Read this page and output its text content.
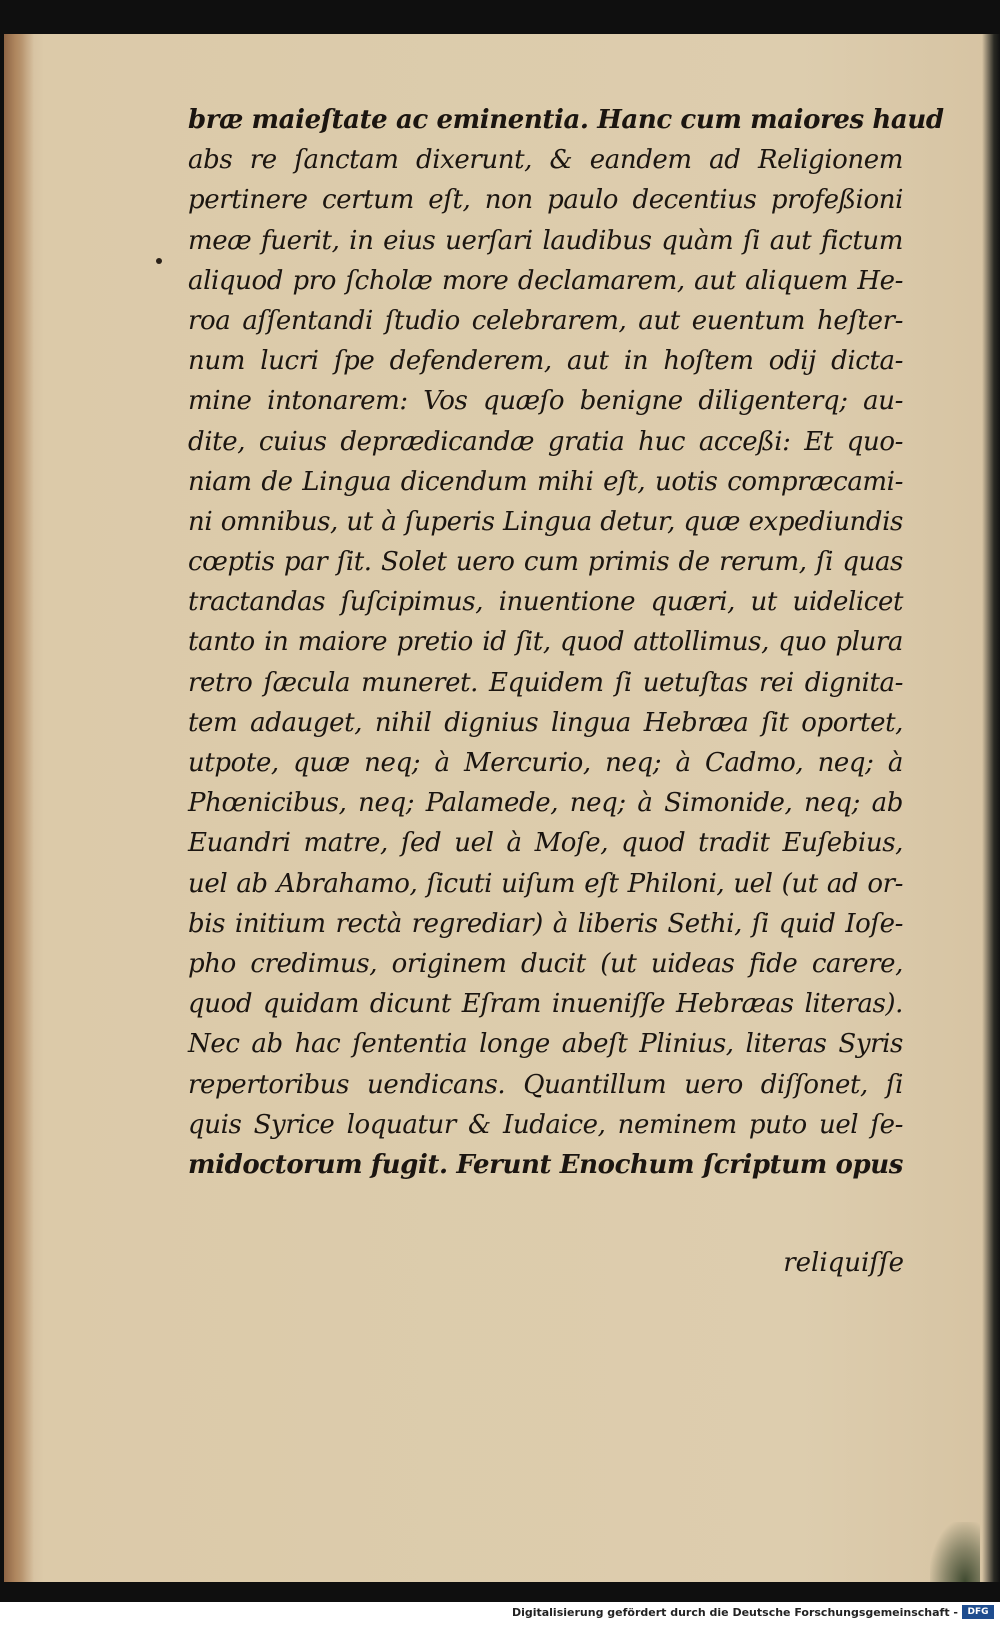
bræ maieſtate ac eminentia. Hanc cum maiores haud
abs re ſanctam dixerunt, & eandem ad Religionem
pertinere certum eſt, non paulo decentius profeßioni
meæ fuerit, in eius uerſari laudibus quàm ſi aut fictum
aliquod pro ſcholæ more declamarem, aut aliquem He-
roa aſſentandi ſtudio celebrarem, aut euentum heſter-
num lucri ſpe defenderem, aut in hoſtem odij dicta-
mine intonarem: Vos quæſo benigne diligenterq; au-
dite, cuius deprædicandæ gratia huc acceßi: Et quo-
niam de Lingua dicendum mihi eſt, uotis compræcami-
ni omnibus, ut à ſuperis Lingua detur, quæ expediundis
cœptis par ſit. Solet uero cum primis de rerum, ſi quas
tractandas ſuſcipimus, inuentione quæri, ut uidelicet
tanto in maiore pretio id ſit, quod attollimus, quo plura
retro ſæcula muneret. Equidem ſi uetuſtas rei dignita-
tem adauget, nihil dignius lingua Hebræa ſit oportet,
utpote, quæ neq; à Mercurio, neq; à Cadmo, neq; à
Phœnicibus, neq; Palamede, neq; à Simonide, neq; ab
Euandri matre, ſed uel à Moſe, quod tradit Euſebius,
uel ab Abrahamo, ſicuti uiſum eſt Philoni, uel (ut ad or-
bis initium rectà regrediar) à liberis Sethi, ſi quid Ioſe-
pho credimus, originem ducit (ut uideas fide carere,
quod quidam dicunt Eſram inueniſſe Hebræas literas).
Nec ab hac ſententia longe abeſt Plinius, literas Syris
repertoribus uendicans. Quantillum uero diſſonet, ſi
quis Syrice loquatur & Iudaice, neminem puto uel ſe-
midoctorum fugit. Ferunt Enochum ſcriptum opus
reliquiſſe
Digitalisierung gefördert durch die Deutsche Forschungsgemeinschaft -	DFG
